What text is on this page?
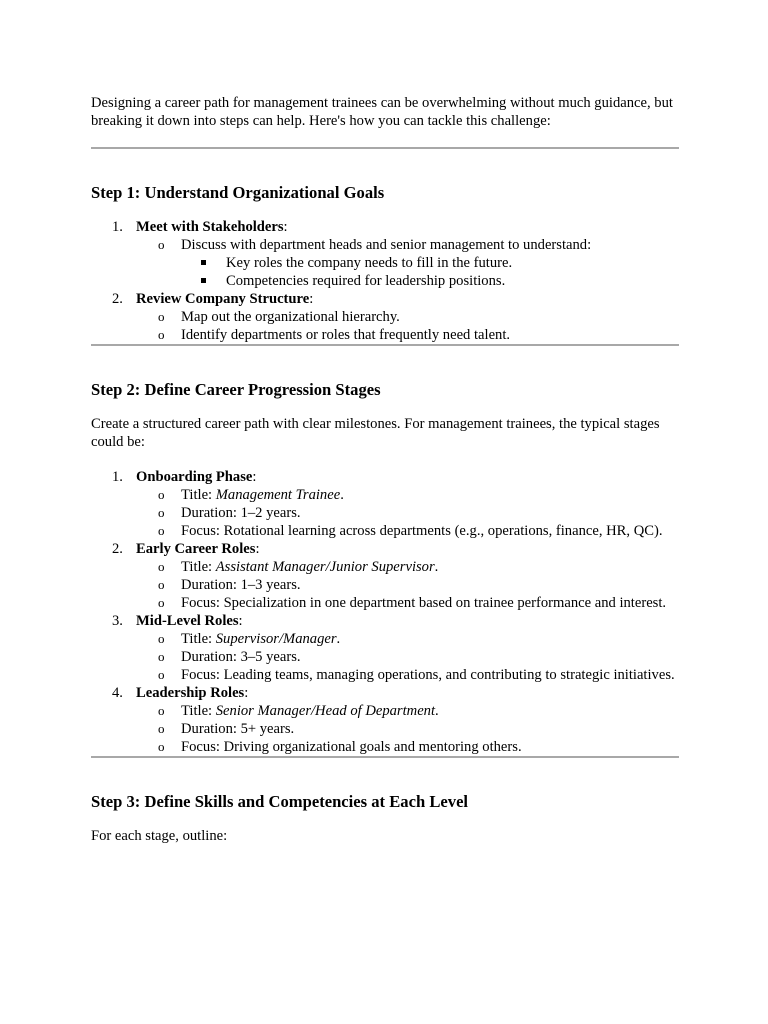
Designing a career path for management trainees can be overwhelming without much guidance, but breaking it down into steps can help. Here's how you can tackle this challenge:

Step 1: Understand Organizational Goals
1. Meet with Stakeholders:
o Discuss with department heads and senior management to understand:
Key roles the company needs to fill in the future.
Competencies required for leadership positions.
2. Review Company Structure:
o Map out the organizational hierarchy.
o Identify departments or roles that frequently need talent.
Step 2: Define Career Progression Stages

Create a structured career path with clear milestones. For management trainees, the typical stages could be:

1. Onboarding Phase:
o Title: Management Trainee.
o Duration: 1–2 years.
o Focus: Rotational learning across departments (e.g., operations, finance, HR, QC).
2. Early Career Roles:
o Title: Assistant Manager/Junior Supervisor.
o Duration: 1–3 years.
o Focus: Specialization in one department based on trainee performance and interest.
3. Mid-Level Roles:
o Title: Supervisor/Manager.
o Duration: 3–5 years.
o Focus: Leading teams, managing operations, and contributing to strategic initiatives.
4. Leadership Roles:
o Title: Senior Manager/Head of Department.
o Duration: 5+ years.
o Focus: Driving organizational goals and mentoring others.
Step 3: Define Skills and Competencies at Each Level

For each stage, outline:
